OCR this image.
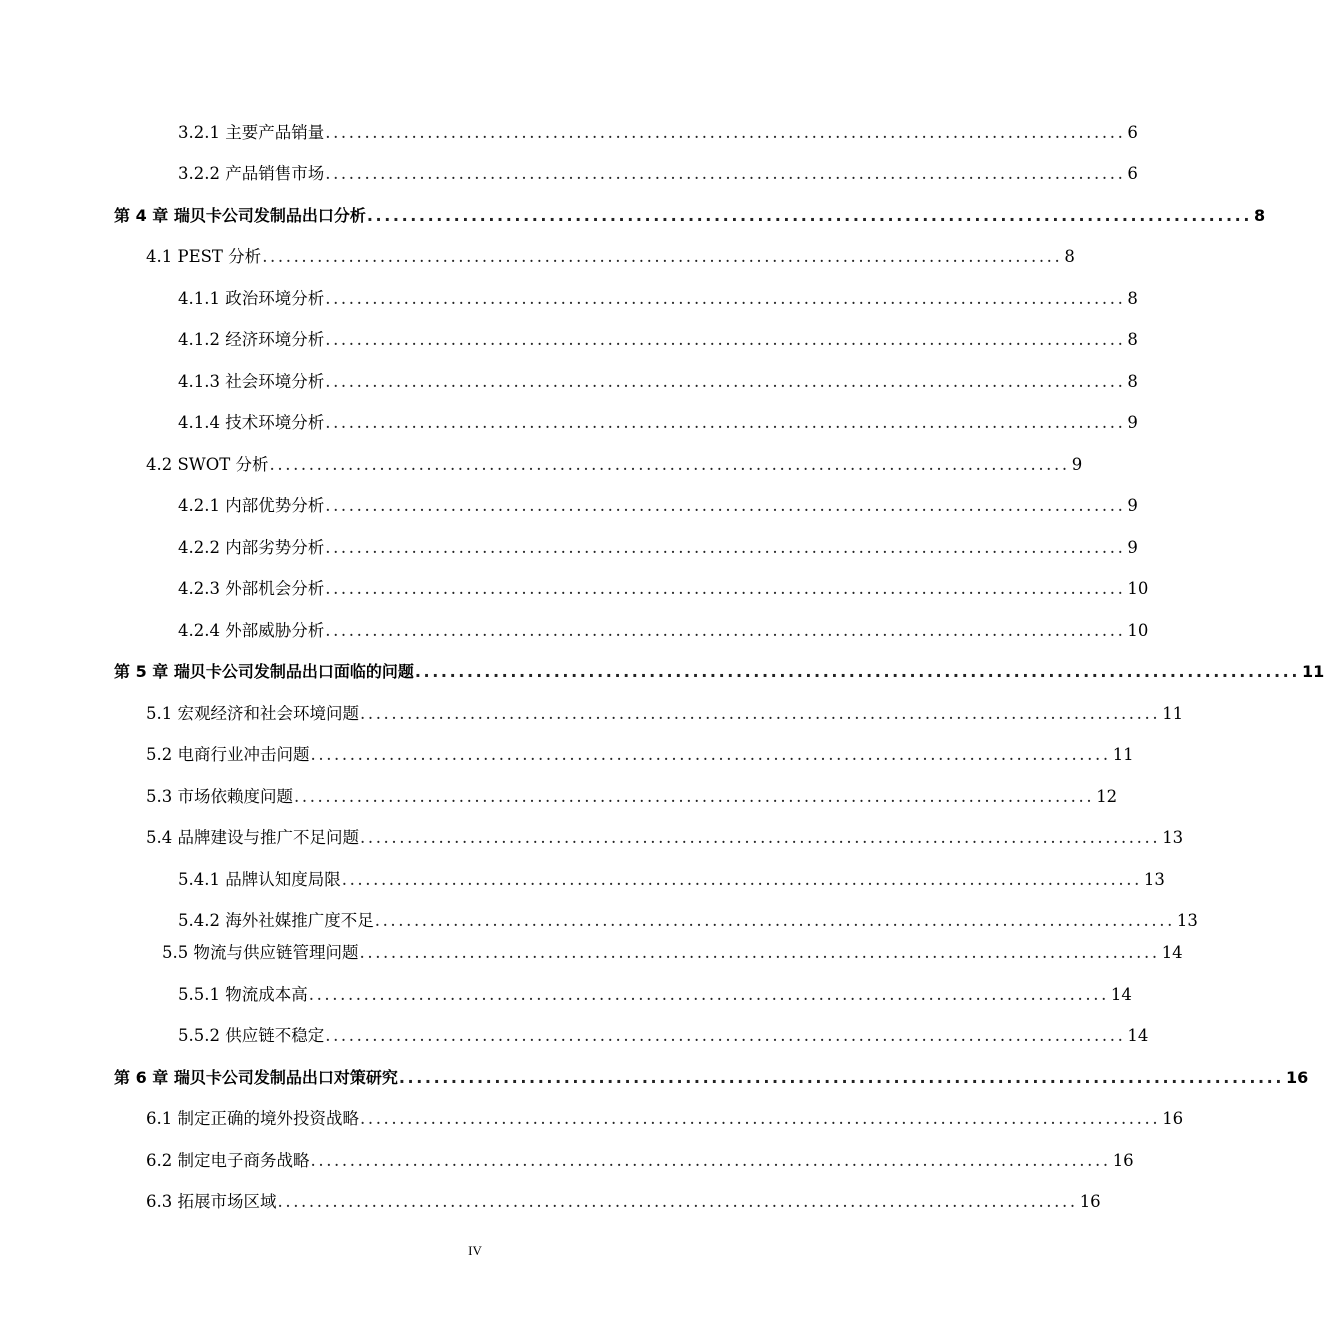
3.2.1 主要产品销量 ...................................................................................................... 6
3.2.2 产品销售市场 ...................................................................................................... 6
第 4 章 瑞贝卡公司发制品出口分析 ...................................................................................................... 8
4.1 PEST 分析 ...................................................................................................... 8
4.1.1 政治环境分析 ...................................................................................................... 8
4.1.2 经济环境分析 ...................................................................................................... 8
4.1.3 社会环境分析 ...................................................................................................... 8
4.1.4 技术环境分析 ...................................................................................................... 9
4.2 SWOT 分析 ...................................................................................................... 9
4.2.1 内部优势分析 ...................................................................................................... 9
4.2.2 内部劣势分析 ...................................................................................................... 9
4.2.3 外部机会分析 ...................................................................................................... 10
4.2.4 外部威胁分析 ...................................................................................................... 10
第 5 章 瑞贝卡公司发制品出口面临的问题 ...................................................................................................... 11
5.1 宏观经济和社会环境问题 ...................................................................................................... 11
5.2 电商行业冲击问题 ...................................................................................................... 11
5.3 市场依赖度问题 ...................................................................................................... 12
5.4 品牌建设与推广不足问题 ...................................................................................................... 13
5.4.1 品牌认知度局限 ...................................................................................................... 13
5.4.2 海外社媒推广度不足 ...................................................................................................... 13
5.5 物流与供应链管理问题 ...................................................................................................... 14
5.5.1 物流成本高 ...................................................................................................... 14
5.5.2 供应链不稳定 ...................................................................................................... 14
第 6 章 瑞贝卡公司发制品出口对策研究 ...................................................................................................... 16
6.1 制定正确的境外投资战略 ...................................................................................................... 16
6.2 制定电子商务战略 ...................................................................................................... 16
6.3 拓展市场区域 ...................................................................................................... 16
IV
